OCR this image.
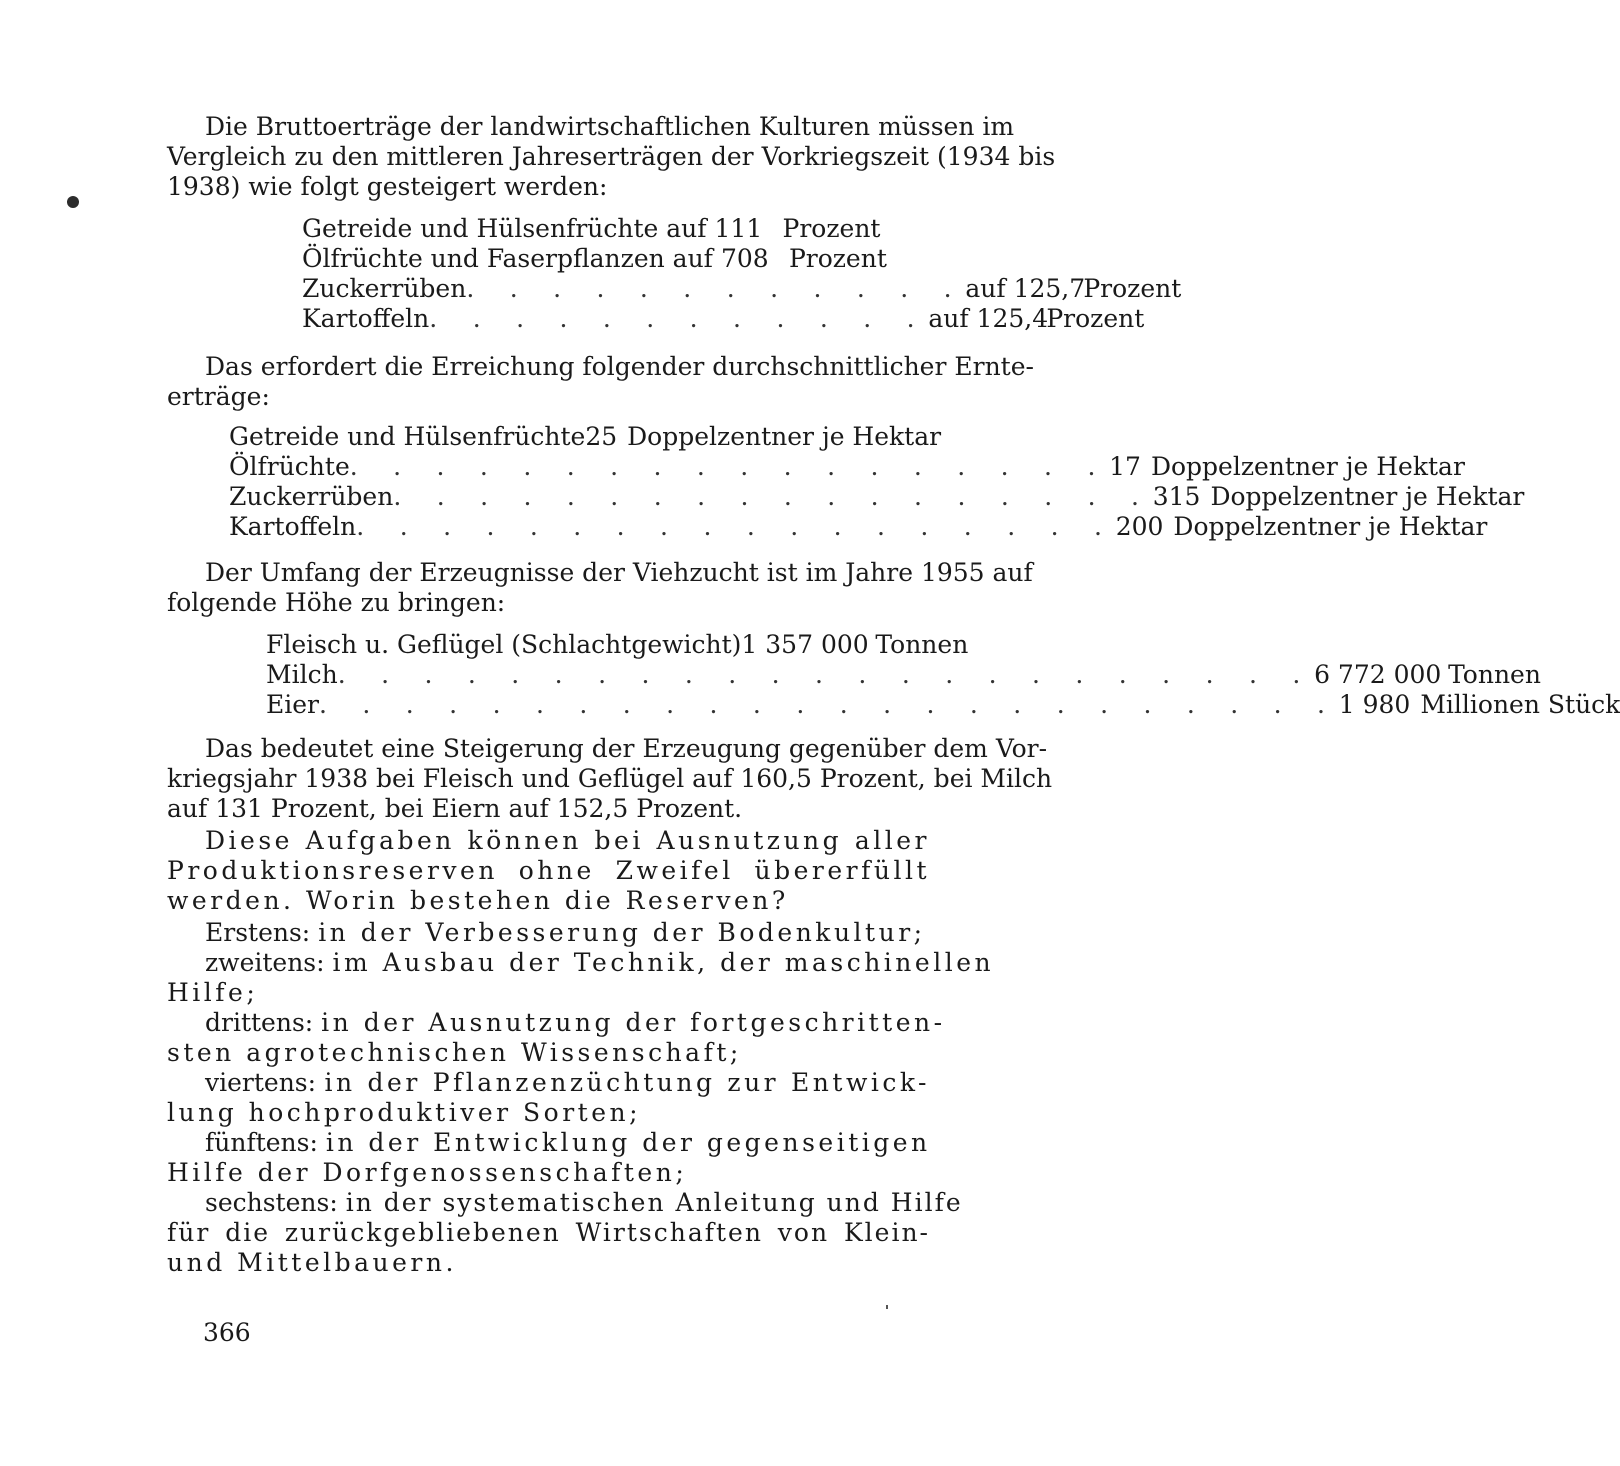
Die Bruttoerträge der landwirtschaftlichen Kulturen müssen im
Vergleich zu den mittleren Jahreserträgen der Vorkriegszeit (1934 bis
1938) wie folgt gesteigert werden:
Getreide und Hülsenfrüchte auf 111 Prozent
Ölfrüchte und Faserpflanzen auf 708 Prozent
Zuckerrüben . . . . . . . . . . . . auf 125,7
Prozent
Kartoffeln . . . . . . . . . . . . auf 125,4
Prozent
Das erfordert die Erreichung folgender durchschnittlicher Ernte-
erträge:
Getreide und Hülsenfrüchte 25 Doppelzentner je Hektar
Ölfrüchte . . . . . . . . . . . . . . . . . . 17 Doppelzentner je Hektar
Zuckerrüben . . . . . . . . . . . . . . . . . . 315 Doppelzentner je Hektar
Kartoffeln . . . . . . . . . . . . . . . . . . 200 Doppelzentner je Hektar
Der Umfang der Erzeugnisse der Viehzucht ist im Jahre 1955 auf
folgende Höhe zu bringen:
Fleisch u. Geflügel (Schlachtgewicht) 1 357 000 Tonnen
Milch . . . . . . . . . . . . . . . . . . . . . . . 6 772 000 Tonnen
Eier . . . . . . . . . . . . . . . . . . . . . . . . 1 980 Millionen Stück
Das bedeutet eine Steigerung der Erzeugung gegenüber dem Vor-
kriegsjahr 1938 bei Fleisch und Geflügel auf 160,5 Prozent, bei Milch
auf 131 Prozent, bei Eiern auf 152,5 Prozent.
Diese Aufgaben können bei Ausnutzung aller
Produktionsreserven ohne Zweifel übererfüllt
werden. Worin bestehen die Reserven?
Erstens: in der Verbesserung der Bodenkultur;
zweitens: im Ausbau der Technik, der maschinellen
Hilfe;
drittens: in der Ausnutzung der fortgeschritten-
sten agrotechnischen Wissenschaft;
viertens: in der Pflanzenzüchtung zur Entwick-
lung hochproduktiver Sorten;
fünftens: in der Entwicklung der gegenseitigen
Hilfe der Dorfgenossenschaften;
sechstens: in der systematischen Anleitung und Hilfe
für die zurückgebliebenen Wirtschaften von Klein-
und Mittelbauern.
366
